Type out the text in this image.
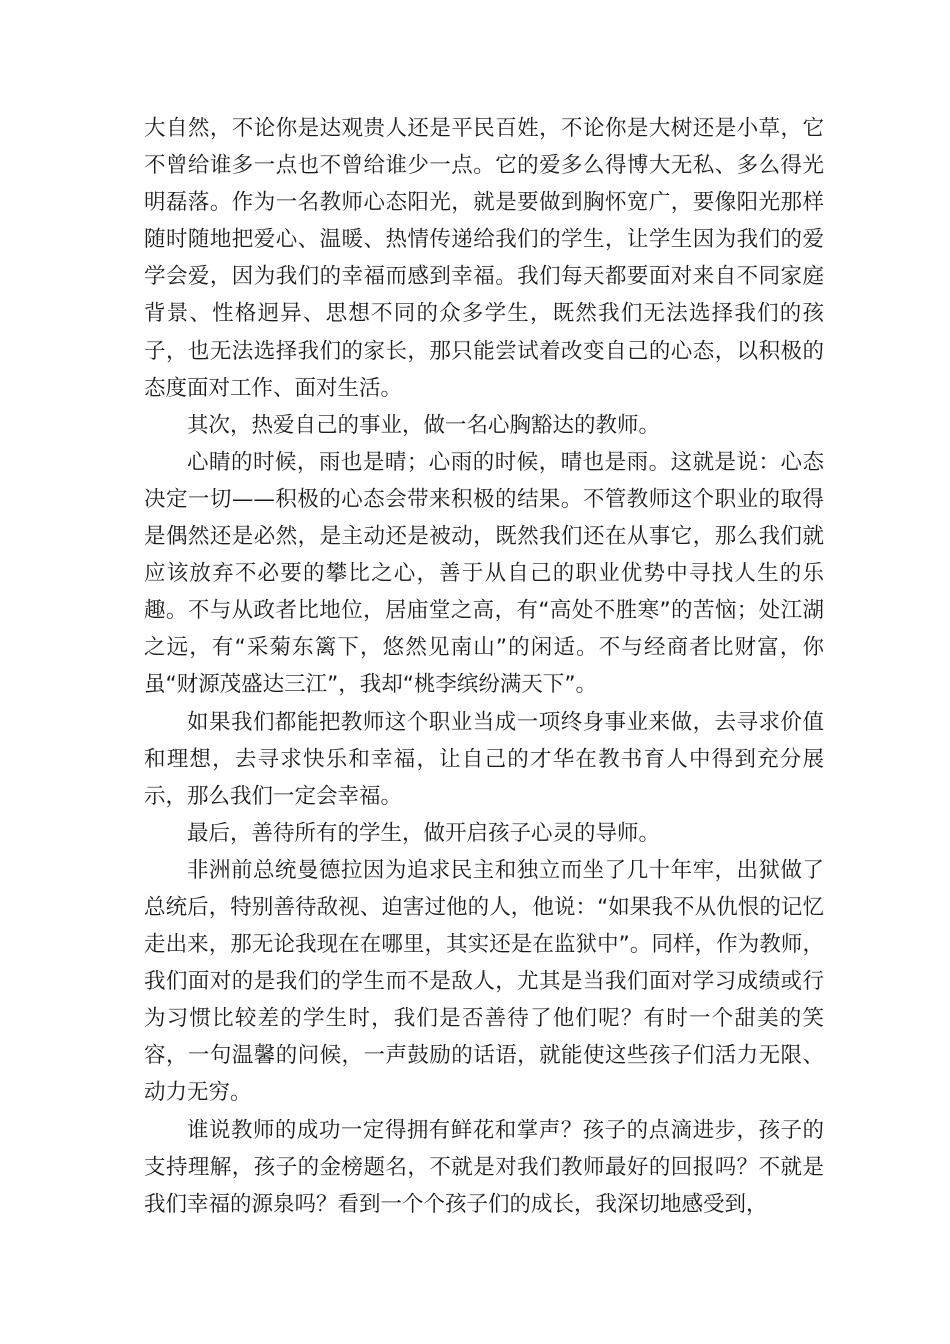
大自然，不论你是达观贵人还是平民百姓，不论你是大树还是小草，它不曾给谁多一点也不曾给谁少一点。它的爱多么得博大无私、多么得光明磊落。作为一名教师心态阳光，就是要做到胸怀宽广，要像阳光那样随时随地把爱心、温暖、热情传递给我们的学生，让学生因为我们的爱学会爱，因为我们的幸福而感到幸福。我们每天都要面对来自不同家庭背景、性格迥异、思想不同的众多学生，既然我们无法选择我们的孩子，也无法选择我们的家长，那只能尝试着改变自己的心态，以积极的态度面对工作、面对生活。

其次，热爱自己的事业，做一名心胸豁达的教师。

心睛的时候，雨也是晴；心雨的时候，晴也是雨。这就是说：心态决定一切——积极的心态会带来积极的结果。不管教师这个职业的取得是偶然还是必然，是主动还是被动，既然我们还在从事它，那么我们就应该放弃不必要的攀比之心，善于从自己的职业优势中寻找人生的乐趣。不与从政者比地位，居庙堂之高，有“高处不胜寒”的苦恼；处江湖之远，有“采菊东篱下，悠然见南山”的闲适。不与经商者比财富，你虽“财源茂盛达三江”，我却“桃李缤纷满天下”。

如果我们都能把教师这个职业当成一项终身事业来做，去寻求价值和理想，去寻求快乐和幸福，让自己的才华在教书育人中得到充分展示，那么我们一定会幸福。

最后，善待所有的学生，做开启孩子心灵的导师。

非洲前总统曼德拉因为追求民主和独立而坐了几十年牢，出狱做了总统后，特别善待敌视、迫害过他的人，他说：“如果我不从仇恨的记忆走出来，那无论我现在在哪里，其实还是在监狱中”。同样，作为教师，我们面对的是我们的学生而不是敌人，尤其是当我们面对学习成绩或行为习惯比较差的学生时，我们是否善待了他们呢？有时一个甜美的笑容，一句温馨的问候，一声鼓励的话语，就能使这些孩子们活力无限、动力无穷。

谁说教师的成功一定得拥有鲜花和掌声？孩子的点滴进步，孩子的支持理解，孩子的金榜题名，不就是对我们教师最好的回报吗？不就是我们幸福的源泉吗？看到一个个孩子们的成长，我深切地感受到，
